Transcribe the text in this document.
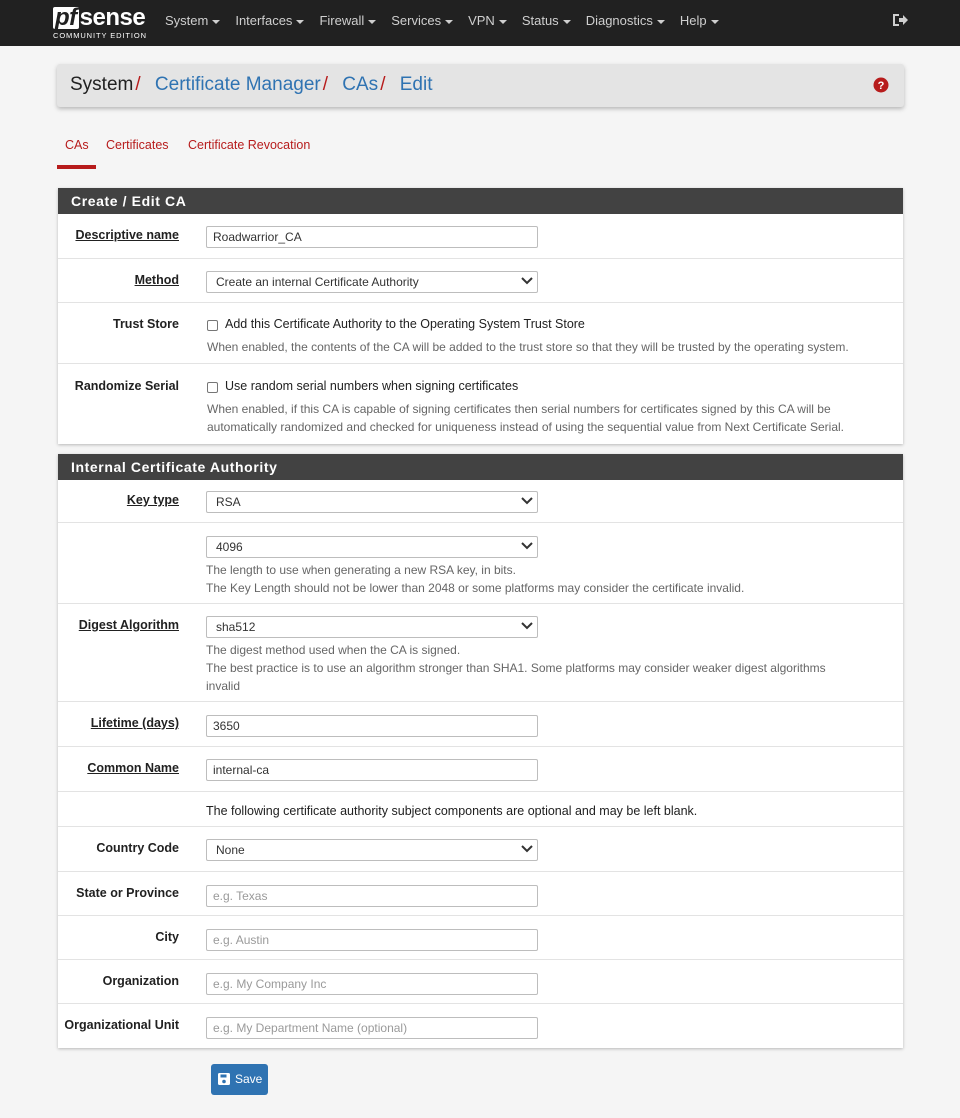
pf sense
COMMUNITY EDITION
System	Interfaces	Firewall	Services	VPN	Status	Diagnostics	Help
System / Certificate Manager / CAs / Edit	?
CAs Certificates Certificate Revocation
Create / Edit CA
Descriptive name	Roadwarrior_CA
Method	Create an internal Certificate Authority
Trust Store	Add this Certificate Authority to the Operating System Trust Store
When enabled, the contents of the CA will be added to the trust store so that they will be trusted by the operating system.
Randomize Serial	Use random serial numbers when signing certificates
When enabled, if this CA is capable of signing certificates then serial numbers for certificates signed by this CA will be
automatically randomized and checked for uniqueness instead of using the sequential value from Next Certificate Serial.
Internal Certificate Authority
Key type	RSA
4096
The length to use when generating a new RSA key, in bits.
The Key Length should not be lower than 2048 or some platforms may consider the certificate invalid.
Digest Algorithm	sha512
The digest method used when the CA is signed.
The best practice is to use an algorithm stronger than SHA1. Some platforms may consider weaker digest algorithms
invalid
Lifetime (days)	3650
Common Name	internal-ca
The following certificate authority subject components are optional and may be left blank.
Country Code	None
State or Province	e.g. Texas
City	e.g. Austin
Organization	e.g. My Company Inc
Organizational Unit	e.g. My Department Name (optional)
Save
